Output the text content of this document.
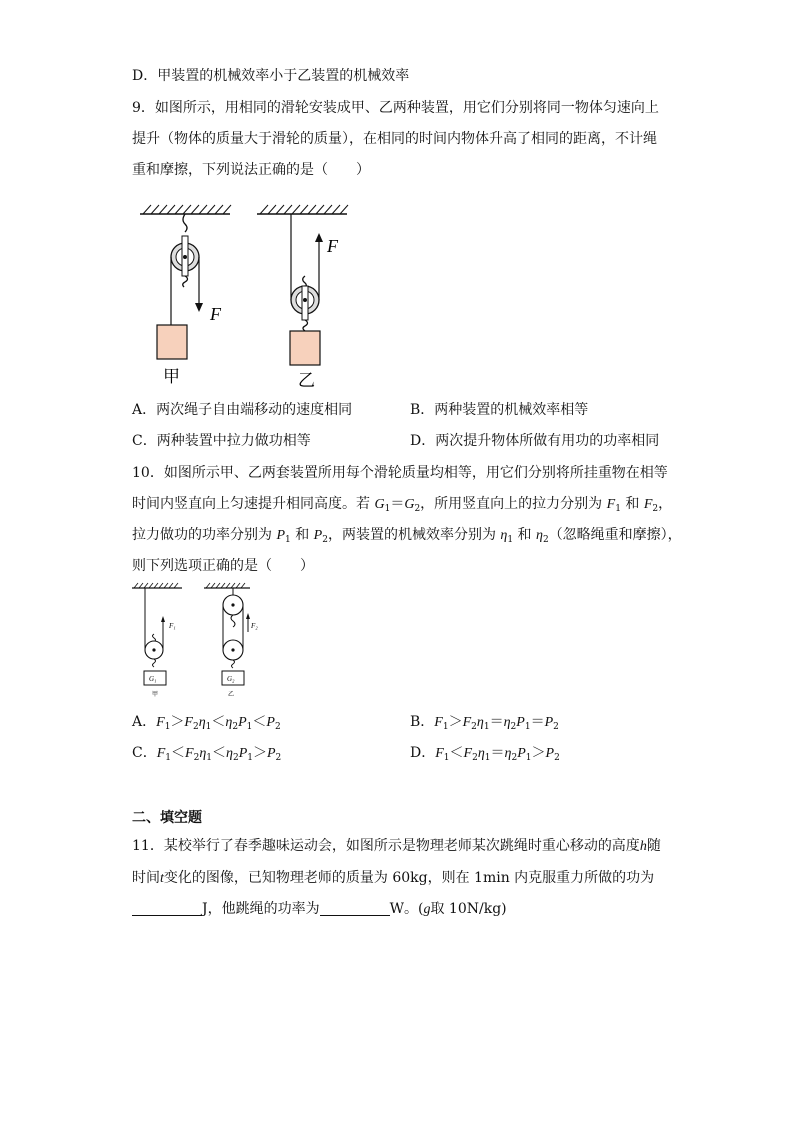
D．甲装置的机械效率小于乙装置的机械效率
9．如图所示，用相同的滑轮安装成甲、乙两种装置，用它们分别将同一物体匀速向上
提升（物体的质量大于滑轮的质量），在相同的时间内物体升高了相同的距离，不计绳
重和摩擦，下列说法正确的是（　　）
F
甲
F
乙
A．两次绳子自由端移动的速度相同	B．两种装置的机械效率相等
C．两种装置中拉力做功相等	D．两次提升物体所做有用功的功率相同
10．如图所示甲、乙两套装置所用每个滑轮质量均相等，用它们分别将所挂重物在相等
时间内竖直向上匀速提升相同高度。若 $G_1=G_2$，所用竖直向上的拉力分别为 $F_1$ 和 $F_2$，
拉力做功的功率分别为 $P_1$ 和 $P_2$，两装置的机械效率分别为 $\eta_1$ 和 $\eta_2$（忽略绳重和摩擦），
则下列选项正确的是（　　）
F₁
G₁
甲
F₂
G₂
乙
A．$F_1>F_2\eta_1<\eta_2P_1<P_2$	B．$F_1>F_2\eta_1=\eta_2P_1=P_2$
C．$F_1<F_2\eta_1<\eta_2P_1>P_2$	D．$F_1<F_2\eta_1=\eta_2P_1>P_2$
二、填空题
11．某校举行了春季趣味运动会，如图所示是物理老师某次跳绳时重心移动的高度h随
时间t变化的图像，已知物理老师的质量为 60kg，则在 1min 内克服重力所做的功为
J，他跳绳的功率为	W。(g取 10N/kg)
